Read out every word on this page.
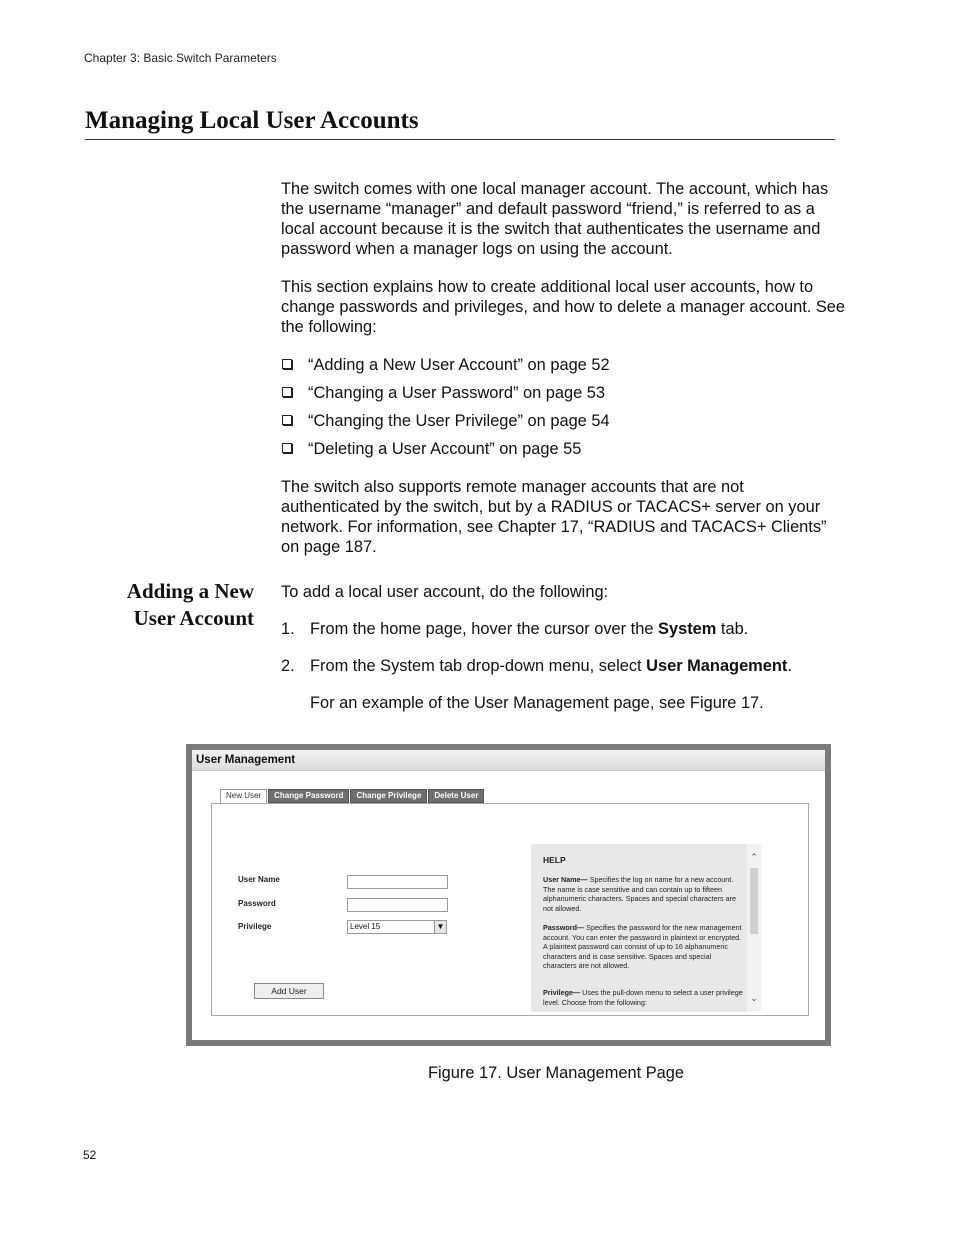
Chapter 3: Basic Switch Parameters
Managing Local User Accounts
The switch comes with one local manager account. The account, which has the username “manager” and default password “friend,” is referred to as a local account because it is the switch that authenticates the username and password when a manager logs on using the account.
This section explains how to create additional local user accounts, how to change passwords and privileges, and how to delete a manager account. See the following:
“Adding a New User Account” on page 52
“Changing a User Password” on page 53
“Changing the User Privilege” on page 54
“Deleting a User Account” on page 55
The switch also supports remote manager accounts that are not authenticated by the switch, but by a RADIUS or TACACS+ server on your network. For information, see Chapter 17, “RADIUS and TACACS+ Clients” on page 187.
Adding a New
User Account
To add a local user account, do the following:
1. From the home page, hover the cursor over the System tab.
2. From the System tab drop-down menu, select User Management.
For an example of the User Management page, see Figure 17.
User Management
New User	Change Password	Change Privilege	Delete User
User Name
Password
Privilege	Level 15	▼
Add User
HELP

User Name— Specifies the log on name for a new account. The name is case sensitive and can contain up to fifteen alphanumeric characters. Spaces and special characters are not allowed.

Password— Specifies the password for the new management account. You can enter the password in plaintext or encrypted. A plaintext password can consist of up to 16 alphanumeric characters and is case sensitive. Spaces and special characters are not allowed.

Privilege— Uses the pull-down menu to select a user privilege level. Choose from the following:

⌃
⌄
Figure 17. User Management Page
52
